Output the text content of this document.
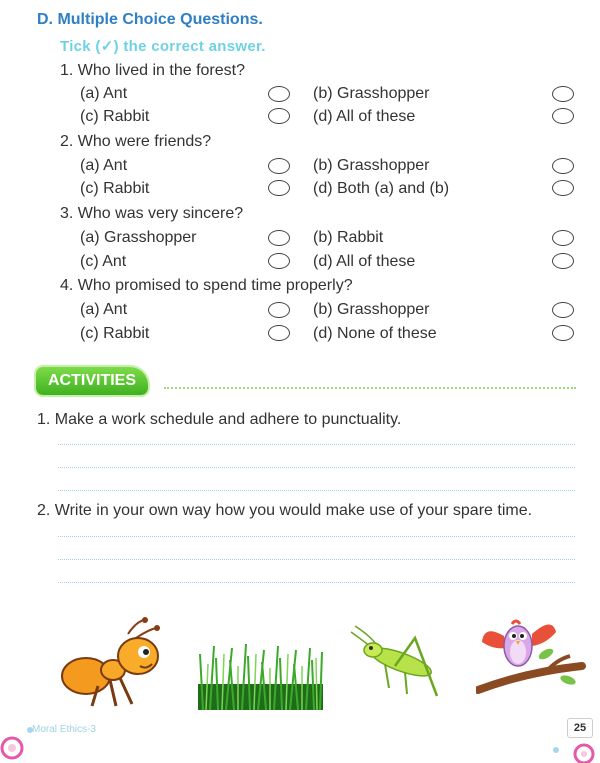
D. Multiple Choice Questions.
Tick (✓) the correct answer.
1. Who lived in the forest?
(a) Ant	(b) Grasshopper
(c) Rabbit	(d) All of these
2. Who were friends?
(a) Ant	(b) Grasshopper
(c) Rabbit	(d) Both (a) and (b)
3. Who was very sincere?
(a) Grasshopper	(b) Rabbit
(c) Ant	(d) All of these
4. Who promised to spend time properly?
(a) Ant	(b) Grasshopper
(c) Rabbit	(d) None of these
ACTIVITIES
1. Make a work schedule and adhere to punctuality.
2. Write in your own way how you would make use of your spare time.
Moral Ethics-3	25
